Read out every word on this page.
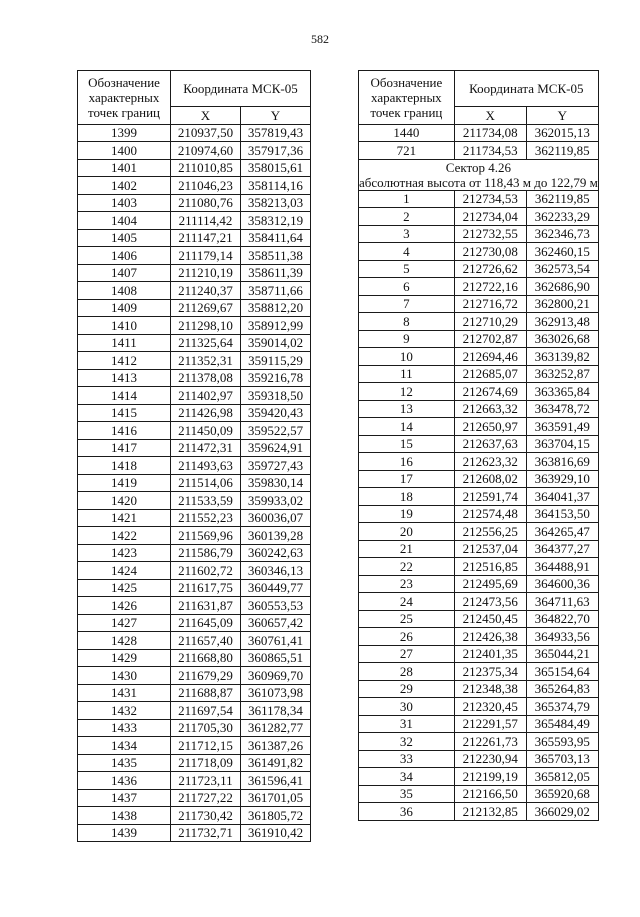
582
Обозначение характерных точек границ	Координата МСК-05	
	X	Y
1399	210937,50	357819,43
1400	210974,60	357917,36
1401	211010,85	358015,61
1402	211046,23	358114,16
1403	211080,76	358213,03
1404	211114,42	358312,19
1405	211147,21	358411,64
1406	211179,14	358511,38
1407	211210,19	358611,39
1408	211240,37	358711,66
1409	211269,67	358812,20
1410	211298,10	358912,99
1411	211325,64	359014,02
1412	211352,31	359115,29
1413	211378,08	359216,78
1414	211402,97	359318,50
1415	211426,98	359420,43
1416	211450,09	359522,57
1417	211472,31	359624,91
1418	211493,63	359727,43
1419	211514,06	359830,14
1420	211533,59	359933,02
1421	211552,23	360036,07
1422	211569,96	360139,28
1423	211586,79	360242,63
1424	211602,72	360346,13
1425	211617,75	360449,77
1426	211631,87	360553,53
1427	211645,09	360657,42
1428	211657,40	360761,41
1429	211668,80	360865,51
1430	211679,29	360969,70
1431	211688,87	361073,98
1432	211697,54	361178,34
1433	211705,30	361282,77
1434	211712,15	361387,26
1435	211718,09	361491,82
1436	211723,11	361596,41
1437	211727,22	361701,05
1438	211730,42	361805,72
1439	211732,71	361910,42
Обозначение характерных точек границ	Координата МСК-05	
	X	Y
1440	211734,08	362015,13
721	211734,53	362119,85
Сектор 4.26
абсолютная высота от 118,43 м до 122,79 м		
1	212734,53	362119,85
2	212734,04	362233,29
3	212732,55	362346,73
4	212730,08	362460,15
5	212726,62	362573,54
6	212722,16	362686,90
7	212716,72	362800,21
8	212710,29	362913,48
9	212702,87	363026,68
10	212694,46	363139,82
11	212685,07	363252,87
12	212674,69	363365,84
13	212663,32	363478,72
14	212650,97	363591,49
15	212637,63	363704,15
16	212623,32	363816,69
17	212608,02	363929,10
18	212591,74	364041,37
19	212574,48	364153,50
20	212556,25	364265,47
21	212537,04	364377,27
22	212516,85	364488,91
23	212495,69	364600,36
24	212473,56	364711,63
25	212450,45	364822,70
26	212426,38	364933,56
27	212401,35	365044,21
28	212375,34	365154,64
29	212348,38	365264,83
30	212320,45	365374,79
31	212291,57	365484,49
32	212261,73	365593,95
33	212230,94	365703,13
34	212199,19	365812,05
35	212166,50	365920,68
36	212132,85	366029,02
